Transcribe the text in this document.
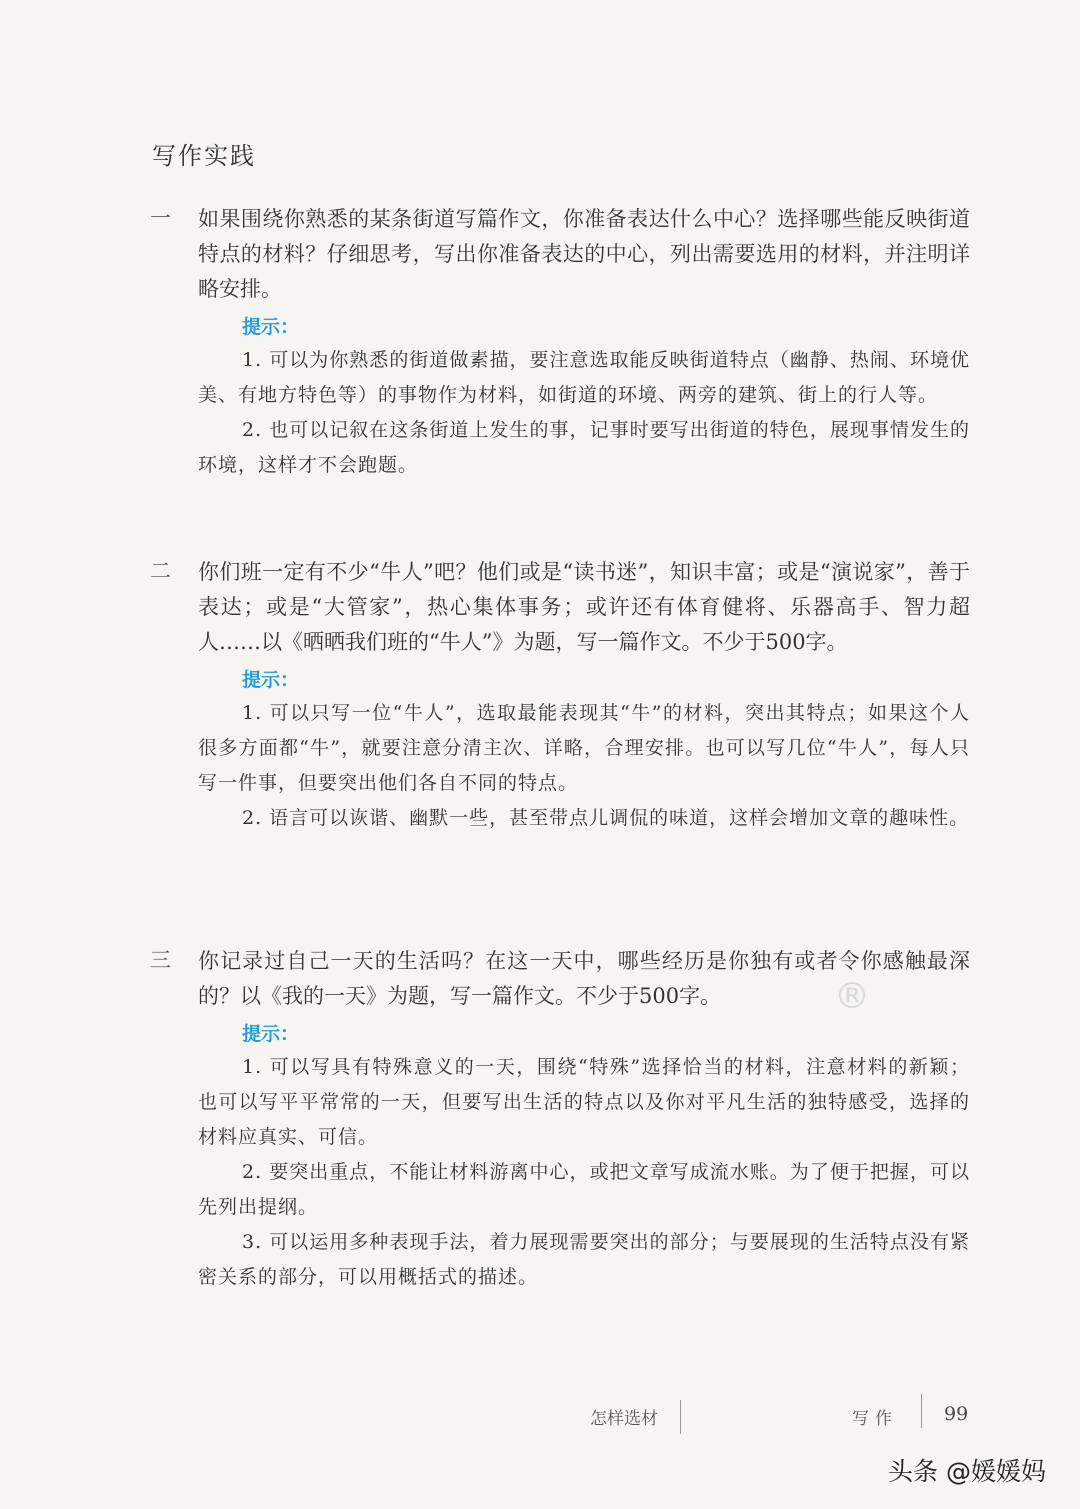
写作实践
一	如果围绕你熟悉的某条街道写篇作文，你准备表达什么中心？选择哪些能反映街道特点的材料？仔细思考，写出你准备表达的中心，列出需要选用的材料，并注明详略安排。
提示：
1. 可以为你熟悉的街道做素描，要注意选取能反映街道特点（幽静、热闹、环境优美、有地方特色等）的事物作为材料，如街道的环境、两旁的建筑、街上的行人等。
2. 也可以记叙在这条街道上发生的事，记事时要写出街道的特色，展现事情发生的环境，这样才不会跑题。
二	你们班一定有不少“牛人”吧？他们或是“读书迷”，知识丰富；或是“演说家”，善于表达；或是“大管家”，热心集体事务；或许还有体育健将、乐器高手、智力超人……以《晒晒我们班的“牛人”》为题，写一篇作文。不少于500字。
提示：
1. 可以只写一位“牛人”，选取最能表现其“牛”的材料，突出其特点；如果这个人很多方面都“牛”，就要注意分清主次、详略，合理安排。也可以写几位“牛人”，每人只写一件事，但要突出他们各自不同的特点。
2. 语言可以诙谐、幽默一些，甚至带点儿调侃的味道，这样会增加文章的趣味性。
三	你记录过自己一天的生活吗？在这一天中，哪些经历是你独有或者令你感触最深的？以《我的一天》为题，写一篇作文。不少于500字。
提示：
1. 可以写具有特殊意义的一天，围绕“特殊”选择恰当的材料，注意材料的新颖；也可以写平平常常的一天，但要写出生活的特点以及你对平凡生活的独特感受，选择的材料应真实、可信。
2. 要突出重点，不能让材料游离中心，或把文章写成流水账。为了便于把握，可以先列出提纲。
3. 可以运用多种表现手法，着力展现需要突出的部分；与要展现的生活特点没有紧密关系的部分，可以用概括式的描述。
®
怎样选材	写作 99
头条 @媛媛妈
